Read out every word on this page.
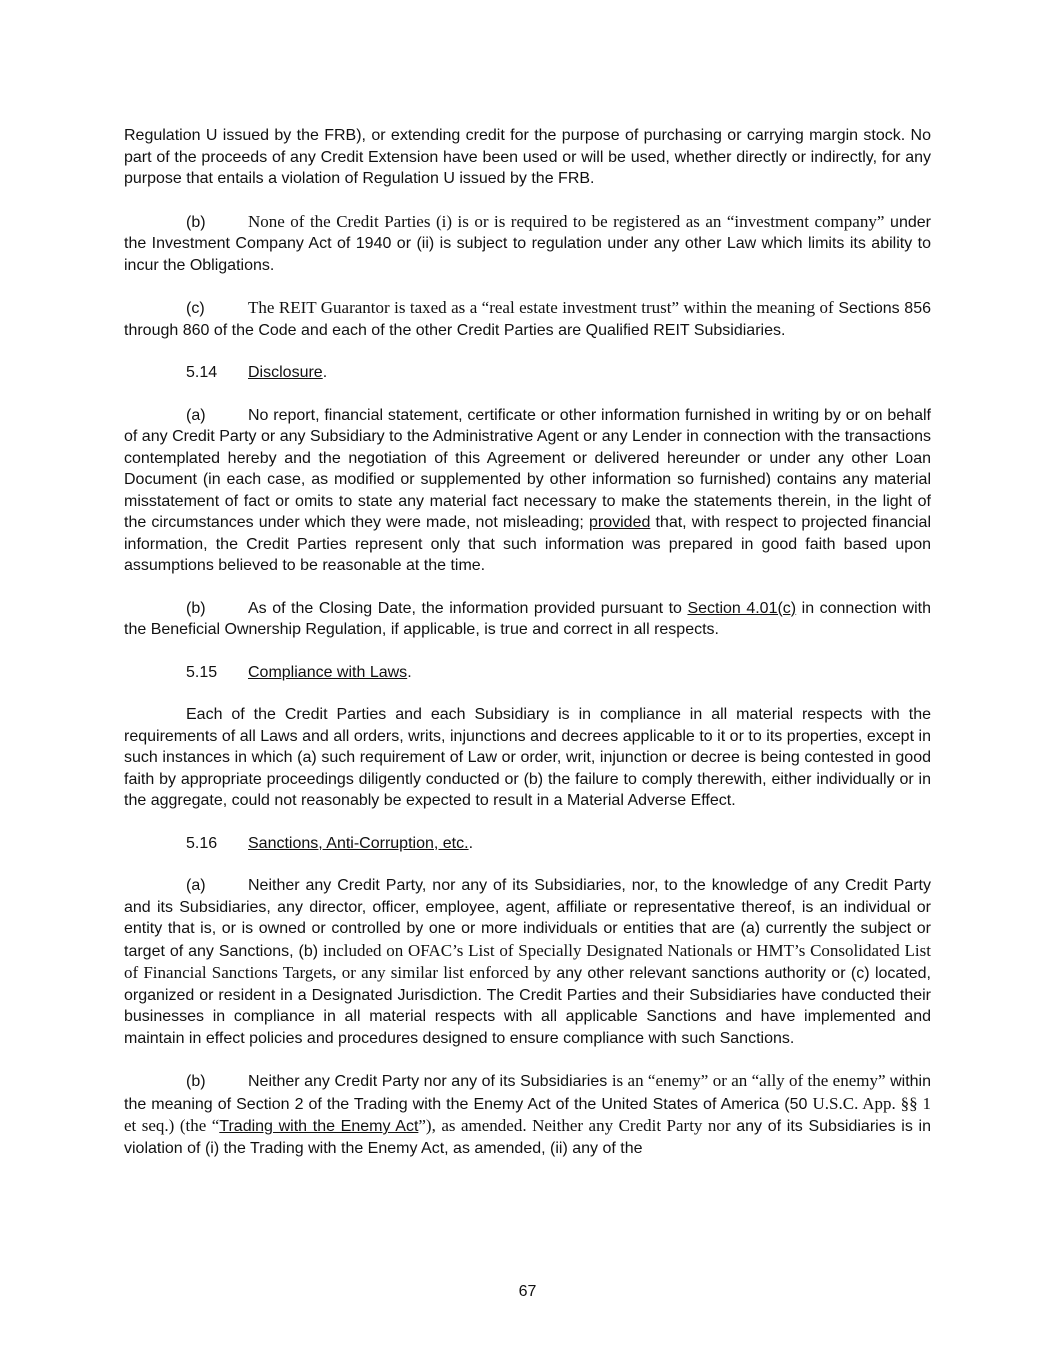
Regulation U issued by the FRB), or extending credit for the purpose of purchasing or carrying margin stock. No part of the proceeds of any Credit Extension have been used or will be used, whether directly or indirectly, for any purpose that entails a violation of Regulation U issued by the FRB.

(b) None of the Credit Parties (i) is or is required to be registered as an “investment company” under the Investment Company Act of 1940 or (ii) is subject to regulation under any other Law which limits its ability to incur the Obligations.

(c)	The REIT Guarantor is taxed as a “real estate investment trust” within the meaning of Sections 856 through 860 of the Code and each of the other Credit Parties are Qualified REIT Subsidiaries.

5.14 Disclosure.

(a)	No report, financial statement, certificate or other information furnished in writing by or on behalf of any Credit Party or any Subsidiary to the Administrative Agent or any Lender in connection with the transactions contemplated hereby and the negotiation of this Agreement or delivered hereunder or under any other Loan Document (in each case, as modified or supplemented by other information so furnished) contains any material misstatement of fact or omits to state any material fact necessary to make the statements therein, in the light of the circumstances under which they were made, not misleading; provided that, with respect to projected financial information, the Credit Parties represent only that such information was prepared in good faith based upon assumptions believed to be reasonable at the time.

(b)	As of the Closing Date, the information provided pursuant to Section 4.01(c) in connection with the Beneficial Ownership Regulation, if applicable, is true and correct in all respects.

5.15 Compliance with Laws.

Each of the Credit Parties and each Subsidiary is in compliance in all material respects with the requirements of all Laws and all orders, writs, injunctions and decrees applicable to it or to its properties, except in such instances in which (a) such requirement of Law or order, writ, injunction or decree is being contested in good faith by appropriate proceedings diligently conducted or (b) the failure to comply therewith, either individually or in the aggregate, could not reasonably be expected to result in a Material Adverse Effect.

5.16 Sanctions, Anti-Corruption, etc..

(a)	Neither any Credit Party, nor any of its Subsidiaries, nor, to the knowledge of any Credit Party and its Subsidiaries, any director, officer, employee, agent, affiliate or representative thereof, is an individual or entity that is, or is owned or controlled by one or more individuals or entities that are (a) currently the subject or target of any Sanctions, (b) included on OFAC’s List of Specially Designated Nationals or HMT’s Consolidated List of Financial Sanctions Targets, or any similar list enforced by any other relevant sanctions authority or (c) located, organized or resident in a Designated Jurisdiction. The Credit Parties and their Subsidiaries have conducted their businesses in compliance in all material respects with all applicable Sanctions and have implemented and maintain in effect policies and procedures designed to ensure compliance with such Sanctions.

(b)	Neither any Credit Party nor any of its Subsidiaries is an “enemy” or an “ally of the enemy” within the meaning of Section 2 of the Trading with the Enemy Act of the United States of America (50 U.S.C. App. §§ 1 et seq.) (the “Trading with the Enemy Act”), as amended. Neither any Credit Party nor any of its Subsidiaries is in violation of (i) the Trading with the Enemy Act, as amended, (ii) any of the

67
